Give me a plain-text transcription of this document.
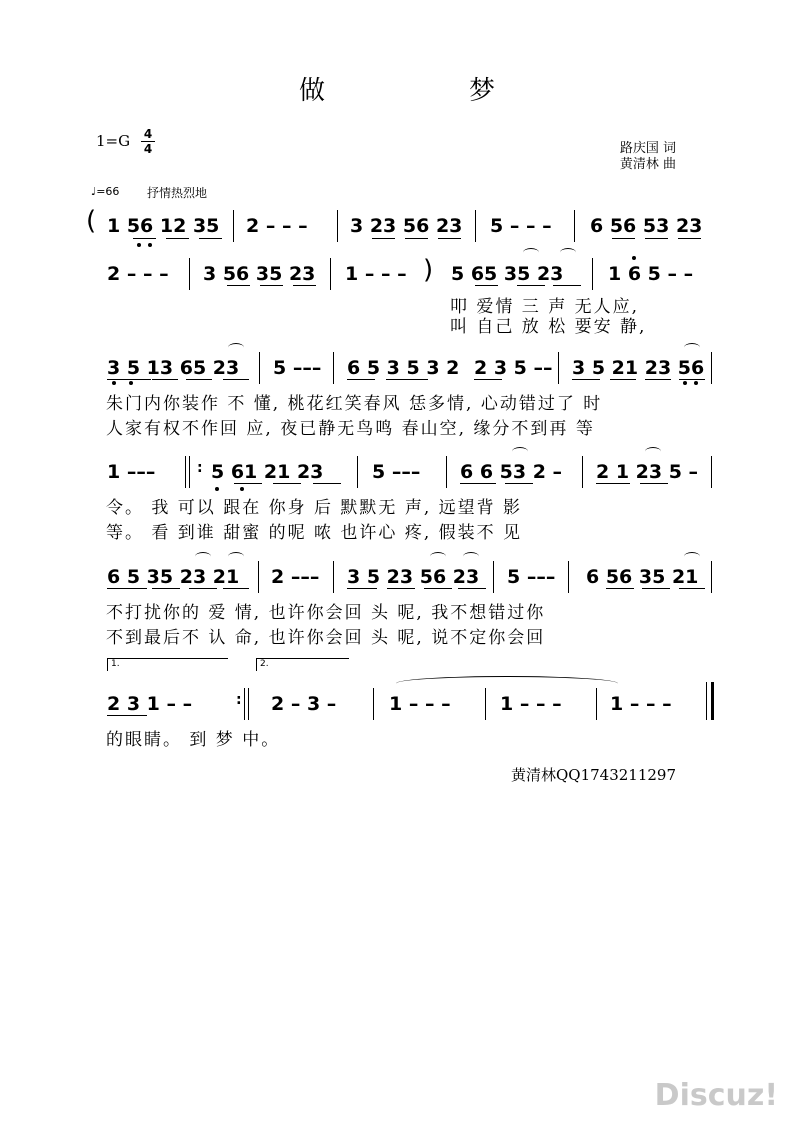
做	梦
1=G 4
4	路庆国 词
黄清林 曲
♩=66 抒情热烈地
( 1 56 12 35 2 – – – 3 23 56 23 5 – – – 6 56 53 23
2 – – – 3 56 35 23 1 – – – ) 5 65 35 23 1 6 5 – –
叩 爱情 三 声 无人应,
叫 自己 放 松 要安 静,
3 5 13 65 23 5 ––– 6 5 3 5 3 2 2 3 5 –– 3 5 21 23 56
朱门内你装作 不 懂, 桃花红笑春风 恁多情, 心动错过了 时
人家有权不作回 应, 夜已静无鸟鸣 春山空, 缘分不到再 等
1 –––	: 5 61 21 23	5 ––– 6 6 53 2 – 2 1 23 5 –
令。 我 可以 跟在 你身 后 默默无 声, 远望背 影
等。 看 到谁 甜蜜 的呢 哝 也许心 疼, 假装不 见
6 5 35 23 21 2 ––– 3 5 23 56 23 5 ––– 6 56 35 21
不打扰你的 爱 情, 也许你会回 头 呢, 我不想错过你
不到最后不 认 命, 也许你会回 头 呢, 说不定你会回
1.	2.
2 3 1 – –	: 2 – 3 –	1 – – –	1 – – –	1 – – –
的眼睛。 到 梦 中。
黄清林QQ1743211297
Discuz!
